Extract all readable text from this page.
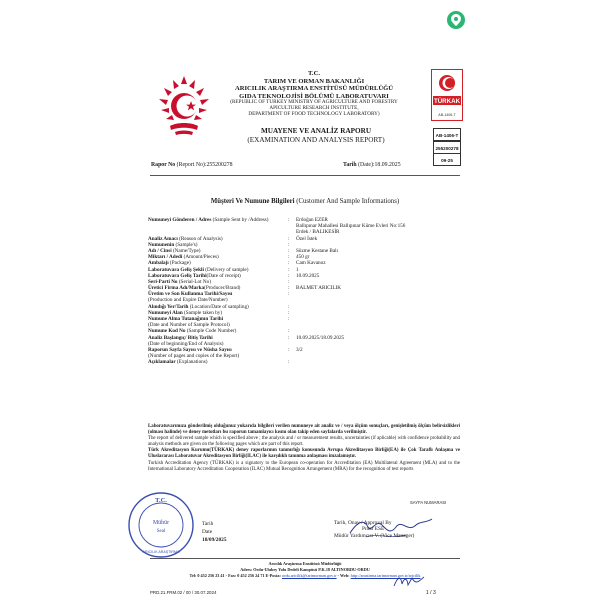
T.C.
TARIM VE ORMAN BAKANLIĞI
ARICILIK ARAŞTIRMA ENSTİTÜSÜ MÜDÜRLÜĞÜ
GIDA TEKNOLOJİSİ BÖLÜMÜ LABORATUVARI
(REPUBLIC OF TURKEY MINISTRY OF AGRICULTURE AND FORESTRY
APICULTURE RESEARCH INSTITUTE,
DEPARTMENT OF FOOD TECHNOLOGY LABORATORY)
TÜRKAK
AB-1406-T
MUAYENE VE ANALİZ RAPORU
(EXAMINATION AND ANALYSIS REPORT)	AB-1406-T
255200278
09-25
Rapor No (Report No):255200278	Tarih (Date):18.09.2025
Müşteri Ve Numune Bilgileri (Customer And Sample Informations)
Numuneyi Gönderen / Adres (Sample Sent by /Address)	: Erdoğan EZER
Ballıpınar Mahallesi Ballıpınar Küme Evleri No:156
Erdek / BALIKESİR
Analiz Amacı (Reason of Analysis)	: Özel İstek
Numunenin (Sample's)	:
Adı / Cinsi (Name/Type)	: Süzme Kestane Balı
Miktarı / Adedi (Amount/Pieces)	: 450 gr
Ambalajı (Package)	: Cam Kavanoz
Laboratuvara Geliş Şekli (Delivery of sample)	: 1
Laboratuvara Geliş Tarihi(Date of receipt)	: 10.09.2025
Seri-Parti No (Serial-Lot No)	:
Üretici Firma Adı/Marka(Producer/Brand)	: BALMET ARICILIK
Üretim ve Son Kullanma Tarihi/Sayısı
(Production and Expire Date/Number)
:
Alındığı Yer/Tarih (Location/Date of sampling)	:
Numuneyi Alan (Sample taken by)	:
Numune Alma Tutanağının Tarihi
(Date and Number of Sample Protocol)
:
Numune Kod No (Sample Code Number)	:
Analiz Başlangıç/ Bitiş Tarihi
(Date of beginning/End of Analysis)
: 10.09.2025/18.09.2025
Raporun Sayfa Sayısı ve Nüsha Sayısı
(Number of pages and copies of the Report)
: 3/2
Açıklamalar (Explanations)	:

Laboratuvarımıza gönderilmiş olduğunuz yukarıda bilgileri verilen numuneye ait analiz ve / veya ölçüm sonuçları, genişletilmiş ölçüm belirsizlikleri (olması halinde) ve deney metotları bu raporun tamamlayıcı kısmı olan takip eden sayfalarda verilmiştir.

The report of delivered sample which is specified above ; the analysis and / or measurement results, uncertainties (if aplicable) with confidence probability and analysis methods are given on the following pages which are part of this report.

Türk Akreditasyon Kurumu(TÜRKAK) deney raporlarının tanınırlığı konusunda Avrupa Akreditasyon Birliği(EA) ile Çok Taraflı Anlaşma ve Uluslararası Laboratuvar Akreditasyon Birliği(ILAC) ile karşılıklı tanınma anlaşması imzalamıştır.

Turkish Accreditation Agency (TÜRKAK) is a signatory to the European co-operation for Accreditation (EA) Multilateral Agreement (MLA) and to the International Laboratory Accreditation Cooperation (ILAC) Mutual Recognition Arrangement (MRA) for the recognition of test reports

T.C.
Mühür
Seal
ARICILIK ARAŞTIRMA
Tarih
Date
18/09/2025
SAYFA NUMARASI
Tarih, Onay / Approval By
Pınar ESE
Müdür Yardımcısı V. (Vice Manager)
Arıcılık Araştırma Enstitüsü Müdürlüğü
Adres: Ordu-Ulubey Yolu Dedeli Kampüsü P.K.18 ALTINORDU-ORDU
Tel: 0 452 256 23 41 - Fax: 0 452 256 24 71 E-Posta: ordu.aricilik@tarimorman.gov.tr - Web: http://arastirma.tarimorman.gov.tr/aricilik
PRD.21.FRM.02 / 00 / 30.07.2024	1 / 3
